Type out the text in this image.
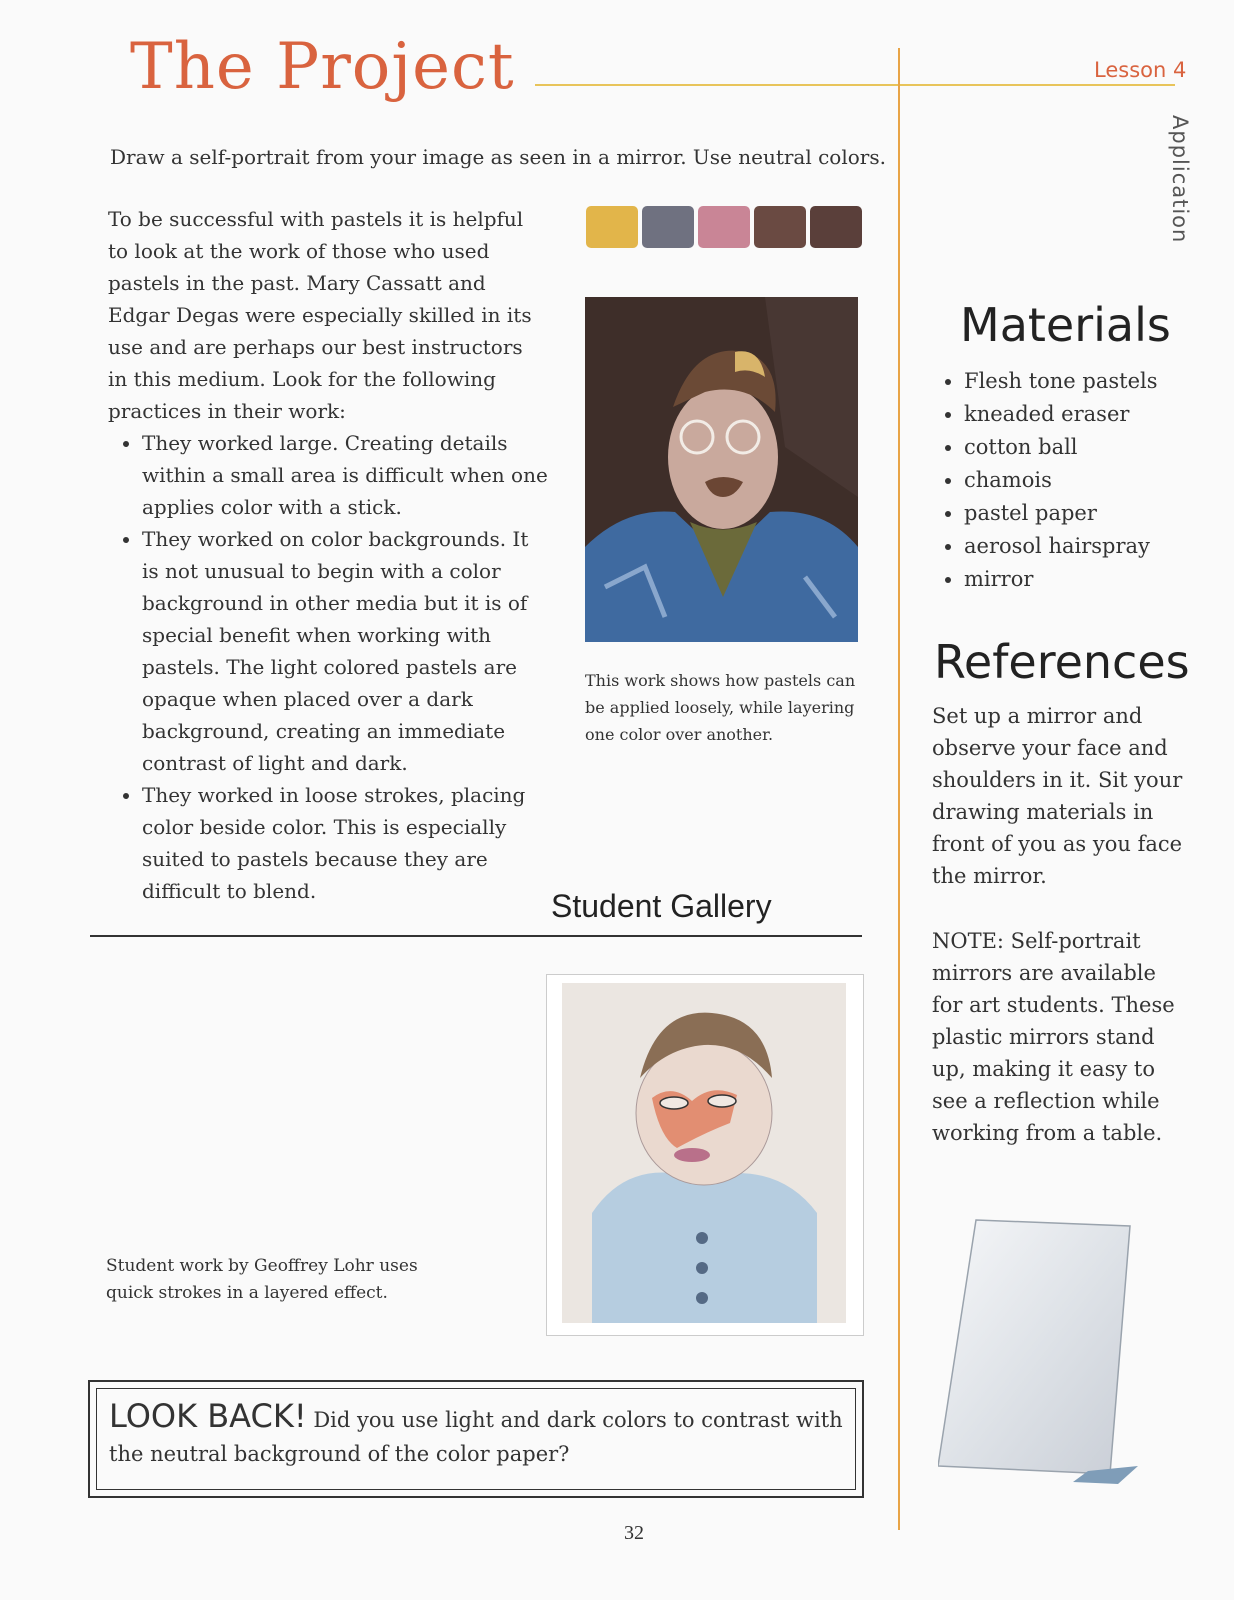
The Project	Lesson 4
Application
Draw a self-portrait from your image as seen in a mirror. Use neutral colors.
To be successful with pastels it is helpful to look at the work of those who used pastels in the past. Mary Cassatt and Edgar Degas were especially skilled in its use and are perhaps our best instructors in this medium. Look for the following practices in their work:
• They worked large. Creating details within a small area is difficult when one applies color with a stick.
• They worked on color backgrounds. It is not unusual to begin with a color background in other media but it is of special benefit when working with pastels. The light colored pastels are opaque when placed over a dark background, creating an immediate contrast of light and dark.
• They worked in loose strokes, placing color beside color. This is especially suited to pastels because they are difficult to blend.
This work shows how pastels can be applied loosely, while layering one color over another.
Student Gallery
Student work by Geoffrey Lohr uses quick strokes in a layered effect.
LOOK BACK! Did you use light and dark colors to contrast with the neutral background of the color paper?
32
Materials
• Flesh tone pastels
• kneaded eraser
• cotton ball
• chamois
• pastel paper
• aerosol hairspray
• mirror
References
Set up a mirror and observe your face and shoulders in it. Sit your drawing materials in front of you as you face the mirror.
NOTE: Self-portrait mirrors are available for art students. These plastic mirrors stand up, making it easy to see a reflection while working from a table.
